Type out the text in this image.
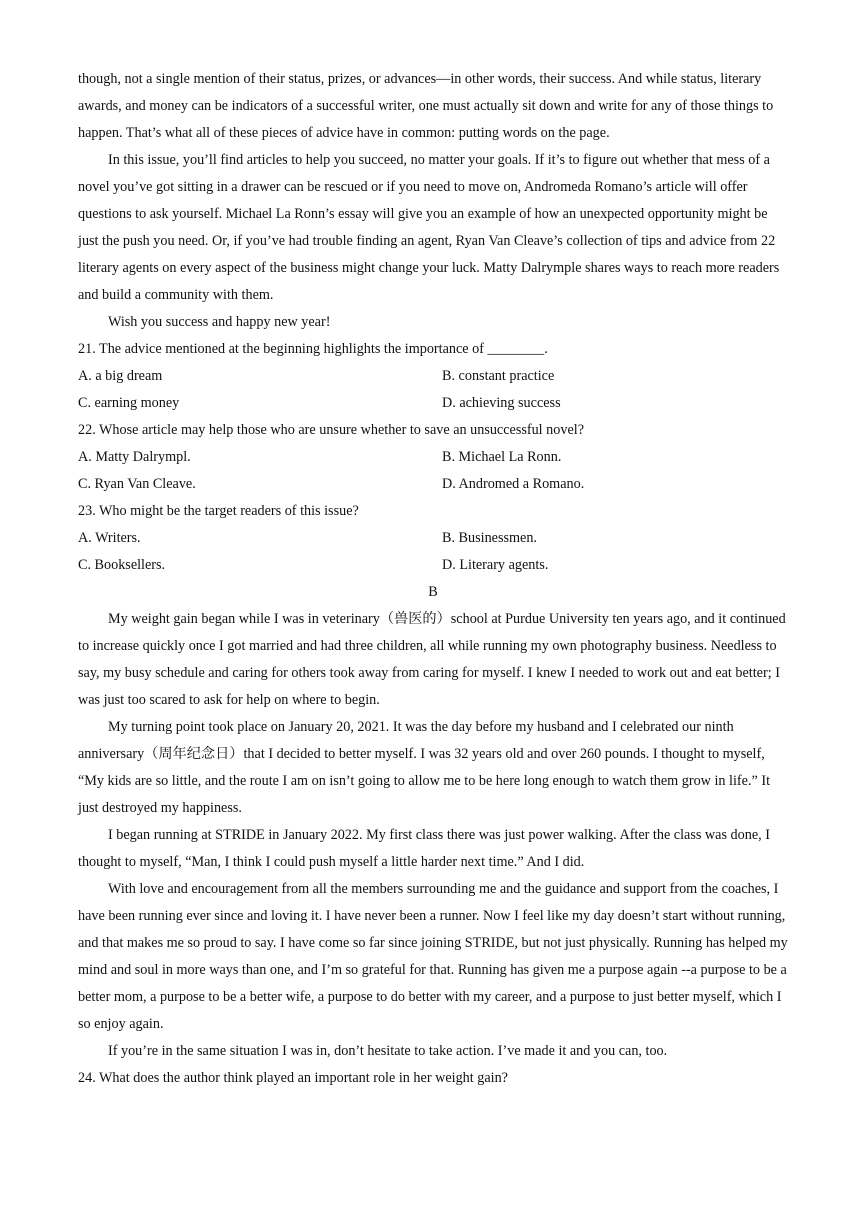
though, not a single mention of their status, prizes, or advances—in other words, their success. And while status, literary awards, and money can be indicators of a successful writer, one must actually sit down and write for any of those things to happen. That’s what all of these pieces of advice have in common: putting words on the page.

In this issue, you’ll find articles to help you succeed, no matter your goals. If it’s to figure out whether that mess of a novel you’ve got sitting in a drawer can be rescued or if you need to move on, Andromeda Romano’s article will offer questions to ask yourself. Michael La Ronn’s essay will give you an example of how an unexpected opportunity might be just the push you need. Or, if you’ve had trouble finding an agent, Ryan Van Cleave’s collection of tips and advice from 22 literary agents on every aspect of the business might change your luck. Matty Dalrymple shares ways to reach more readers and build a community with them.

Wish you success and happy new year!

21. The advice mentioned at the beginning highlights the importance of ________.
A. a big dream	B. constant practice
C. earning money	D. achieving success
22. Whose article may help those who are unsure whether to save an unsuccessful novel?
A. Matty Dalrympl.	B. Michael La Ronn.
C. Ryan Van Cleave.	D. Andromed a Romano.
23. Who might be the target readers of this issue?
A. Writers.	B. Businessmen.
C. Booksellers.	D. Literary agents.
B

My weight gain began while I was in veterinary（兽医的）school at Purdue University ten years ago, and it continued to increase quickly once I got married and had three children, all while running my own photography business. Needless to say, my busy schedule and caring for others took away from caring for myself. I knew I needed to work out and eat better; I was just too scared to ask for help on where to begin.

My turning point took place on January 20, 2021. It was the day before my husband and I celebrated our ninth anniversary（周年纪念日）that I decided to better myself. I was 32 years old and over 260 pounds. I thought to myself, “My kids are so little, and the route I am on isn’t going to allow me to be here long enough to watch them grow in life.” It just destroyed my happiness.

I began running at STRIDE in January 2022. My first class there was just power walking. After the class was done, I thought to myself, “Man, I think I could push myself a little harder next time.” And I did.

With love and encouragement from all the members surrounding me and the guidance and support from the coaches, I have been running ever since and loving it. I have never been a runner. Now I feel like my day doesn’t start without running, and that makes me so proud to say. I have come so far since joining STRIDE, but not just physically. Running has helped my mind and soul in more ways than one, and I’m so grateful for that. Running has given me a purpose again --a purpose to be a better mom, a purpose to be a better wife, a purpose to do better with my career, and a purpose to just better myself, which I so enjoy again.

If you’re in the same situation I was in, don’t hesitate to take action. I’ve made it and you can, too.

24. What does the author think played an important role in her weight gain?
